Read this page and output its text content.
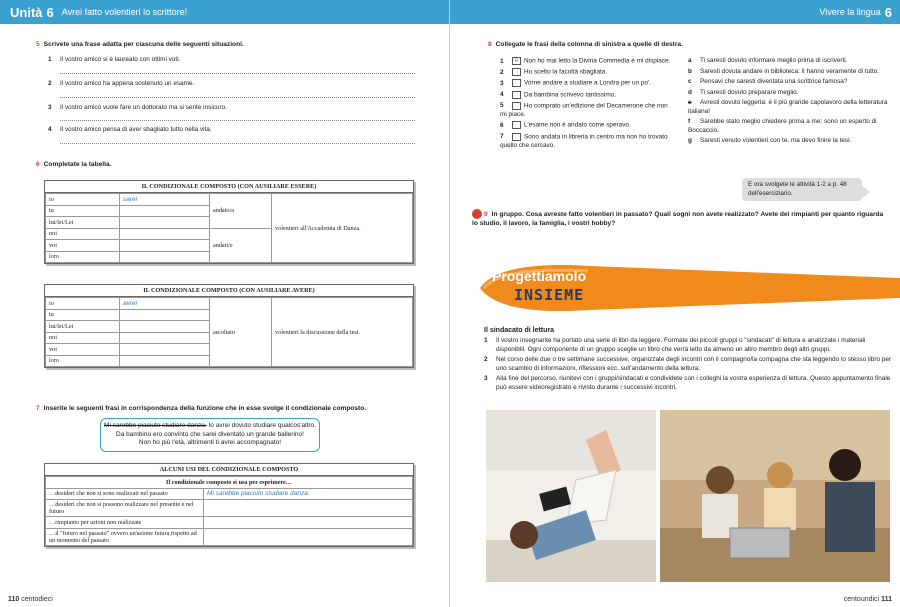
Unità 6 Avrei fatto volentieri lo scrittore!
5 Scrivete una frase adatta per ciascuna delle seguenti situazioni.
1 Il vostro amico si è laureato con ottimi voti.
2 Il vostro amico ha appena sostenuto un esame.
3 Il vostro amico vuole fare un dottorato ma si sente insicuro.
4 Il vostro amico pensa di aver sbagliato tutto nella vita.
6 Completate la tabella.
IL CONDIZIONALE COMPOSTO (CON AUSILIARE ESSERE)
io	sarei	andato/a	volentieri all'Accademia di Danza.
tu			
lui/lei/Lei			
noi		andati/e	
voi			
loro			
IL CONDIZIONALE COMPOSTO (CON AUSILIARE AVERE)
io	avrei	ascoltato	volentieri la discussione della tesi.
tu			
lui/lei/Lei			
noi			
voi			
loro			
7 Inserite le seguenti frasi in corrispondenza della funzione che in esse svolge il condizionale composto.
Mi sarebbe piaciuto studiare danza. Io avrei dovuto studiare qualcos'altro.
Da bambino ero convinto che sarei diventato un grande ballerino!
Non ho più l'età, altrimenti ti avrei accompagnato!
ALCUNI USI DEL CONDIZIONALE COMPOSTO
Il condizionale composto si usa per esprimere…	
…desideri che non si sono realizzati nel passato	Mi sarebbe piaciuto studiare danza.
…desideri che non si possono realizzare nel presente e nel futuro	
…rimpianto per azioni non realizzate	
…il "futuro nel passato" ovvero un'azione futura rispetto ad un momento del passato	
110 centodieci
Vivere la lingua 6
8 Collegate le frasi della colonna di sinistra a quelle di destra.
1 e Non ho mai letto la Divina Commedia e mi dispiace.
2	Ho scelto la facoltà sbagliata.
3	Vorrei andare a studiare a Londra per un po'.
4	Da bambina scrivevo tantissimo.
5	Ho comprato un'edizione del Decamerone che non mi piace.
6	L'esame non è andato come speravo.
7	Sono andata in libreria in centro ma non ho trovato quello che cercavo.
a Ti saresti dovuto informare meglio prima di iscriverti.
b Saresti dovuta andare in biblioteca: lì hanno veramente di tutto.
c Pensavi che saresti diventata una scrittrice famosa?
d Ti saresti dovuto preparare meglio.
e Avresti dovuto leggerla: è il più grande capolavoro della letteratura italiana!
f Sarebbe stato meglio chiedere prima a me: sono un esperto di Boccaccio.
g Saresti venuto volentieri con te, ma devo finire la tesi.
9 In gruppo. Cosa avreste fatto volentieri in passato? Quali sogni non avete realizzato? Avete dei rimpianti per quanto riguarda lo studio, il lavoro, la famiglia, i vostri hobby?
Il sindacato di lettura
1	Il vostro insegnante ha portato una serie di libri da leggere. Formate dei piccoli gruppi o "sindacati" di lettura e analizzate i materiali disponibili. Ogni componente di un gruppo sceglie un libro che verrà letto da almeno un altro membro degli altri gruppi.
2	Nel corso delle due o tre settimane successive, organizzate degli incontri con il compagno/la compagna che sta leggendo lo stesso libro per uno scambio di informazioni, riflessioni ecc. sull'andamento della lettura.
3	Alla fine del percorso, riunitevi con i gruppi/sindacati e condividete con i colleghi la vostra esperienza di lettura. Questo appuntamento finale può essere videoregistrato e rivisto durante i successivi incontri.
centoundici 111
E ora svolgete le attività 1-2 a p. 48 dell'eserciziario.
Progettiamolo
INSIEME
